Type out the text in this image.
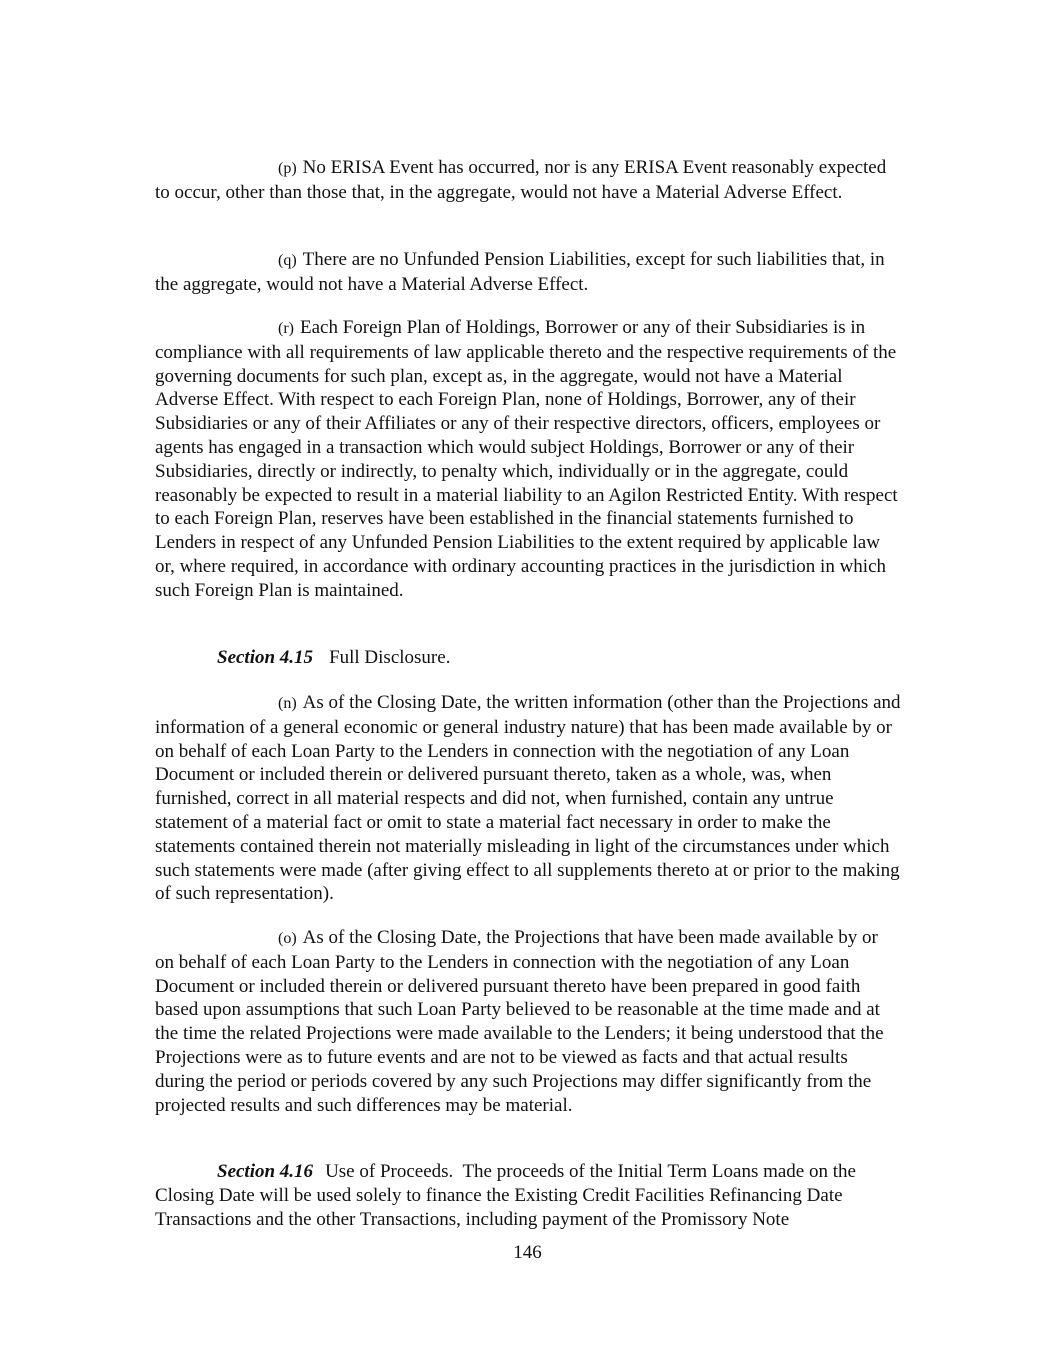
(p) No ERISA Event has occurred, nor is any ERISA Event reasonably expected to occur, other than those that, in the aggregate, would not have a Material Adverse Effect.

(q) There are no Unfunded Pension Liabilities, except for such liabilities that, in the aggregate, would not have a Material Adverse Effect.

(r) Each Foreign Plan of Holdings, Borrower or any of their Subsidiaries is in compliance with all requirements of law applicable thereto and the respective requirements of the governing documents for such plan, except as, in the aggregate, would not have a Material Adverse Effect. With respect to each Foreign Plan, none of Holdings, Borrower, any of their Subsidiaries or any of their Affiliates or any of their respective directors, officers, employees or agents has engaged in a transaction which would subject Holdings, Borrower or any of their Subsidiaries, directly or indirectly, to penalty which, individually or in the aggregate, could reasonably be expected to result in a material liability to an Agilon Restricted Entity. With respect to each Foreign Plan, reserves have been established in the financial statements furnished to Lenders in respect of any Unfunded Pension Liabilities to the extent required by applicable law or, where required, in accordance with ordinary accounting practices in the jurisdiction in which such Foreign Plan is maintained.

Section 4.15 Full Disclosure.

(n) As of the Closing Date, the written information (other than the Projections and information of a general economic or general industry nature) that has been made available by or on behalf of each Loan Party to the Lenders in connection with the negotiation of any Loan Document or included therein or delivered pursuant thereto, taken as a whole, was, when furnished, correct in all material respects and did not, when furnished, contain any untrue statement of a material fact or omit to state a material fact necessary in order to make the statements contained therein not materially misleading in light of the circumstances under which such statements were made (after giving effect to all supplements thereto at or prior to the making of such representation).

(o) As of the Closing Date, the Projections that have been made available by or on behalf of each Loan Party to the Lenders in connection with the negotiation of any Loan Document or included therein or delivered pursuant thereto have been prepared in good faith based upon assumptions that such Loan Party believed to be reasonable at the time made and at the time the related Projections were made available to the Lenders; it being understood that the Projections were as to future events and are not to be viewed as facts and that actual results during the period or periods covered by any such Projections may differ significantly from the projected results and such differences may be material.

Section 4.16 Use of Proceeds. The proceeds of the Initial Term Loans made on the Closing Date will be used solely to finance the Existing Credit Facilities Refinancing Date Transactions and the other Transactions, including payment of the Promissory Note

146
